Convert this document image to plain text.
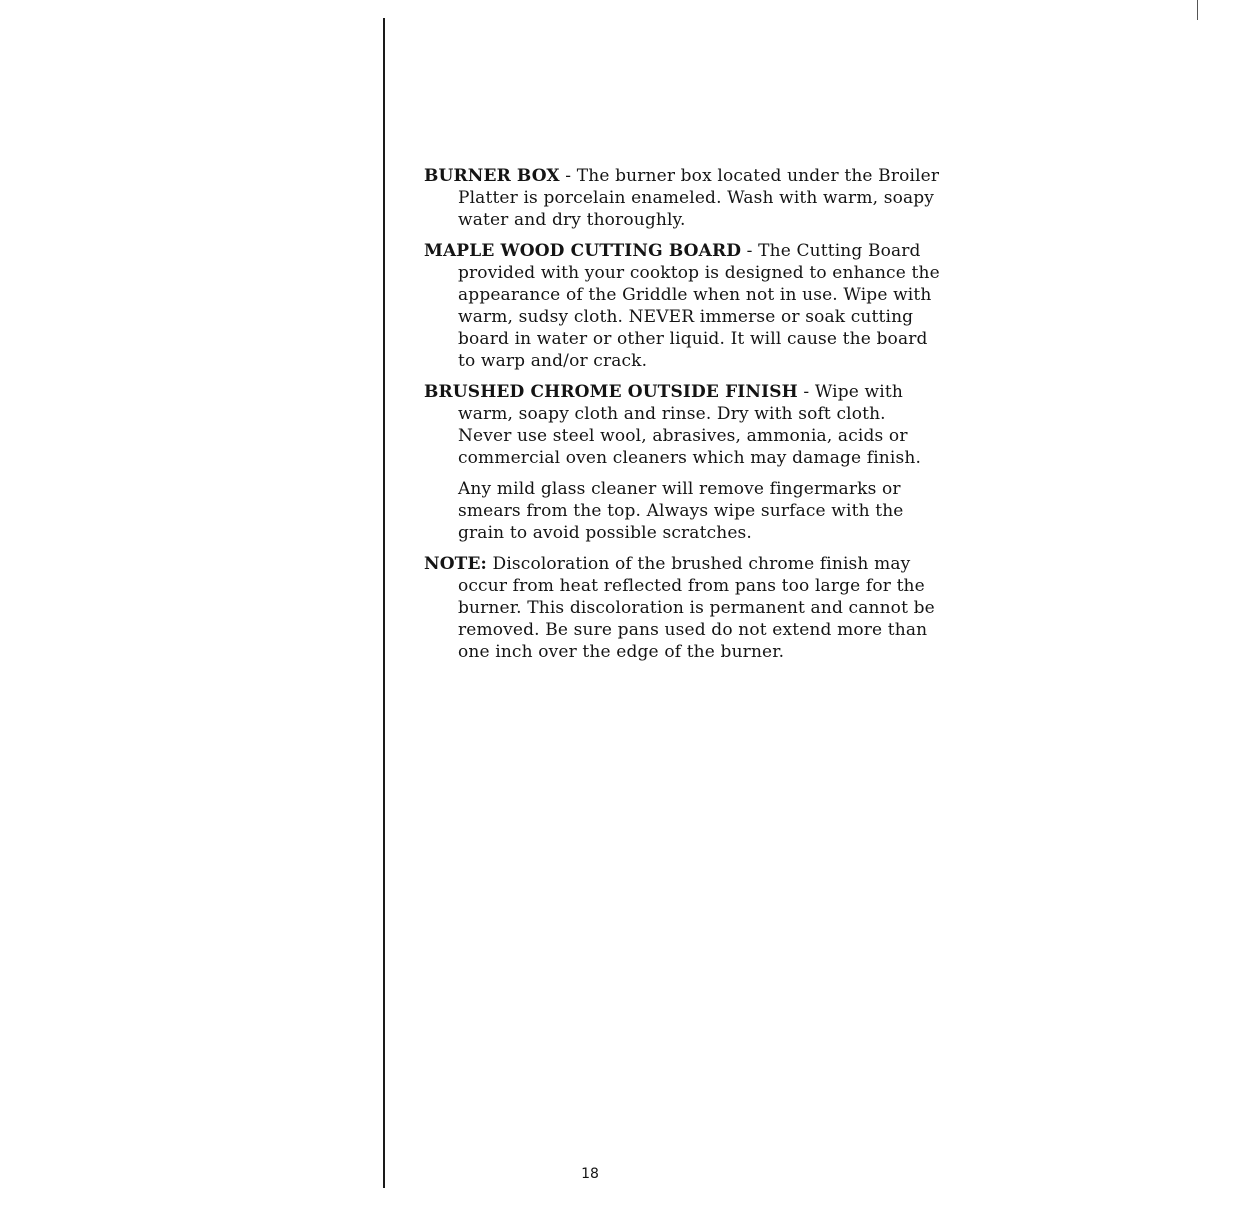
BURNER BOX - The burner box located under the Broiler Platter is porcelain enameled. Wash with warm, soapy water and dry thoroughly.

MAPLE WOOD CUTTING BOARD - The Cutting Board provided with your cooktop is designed to enhance the appearance of the Griddle when not in use. Wipe with warm, sudsy cloth. NEVER immerse or soak cutting board in water or other liquid. It will cause the board to warp and/or crack.

BRUSHED CHROME OUTSIDE FINISH - Wipe with warm, soapy cloth and rinse. Dry with soft cloth. Never use steel wool, abrasives, ammonia, acids or commercial oven cleaners which may damage finish.

Any mild glass cleaner will remove fingermarks or smears from the top. Always wipe surface with the grain to avoid possible scratches.

NOTE: Discoloration of the brushed chrome finish may occur from heat reflected from pans too large for the burner. This discoloration is permanent and cannot be removed. Be sure pans used do not extend more than one inch over the edge of the burner.

18
